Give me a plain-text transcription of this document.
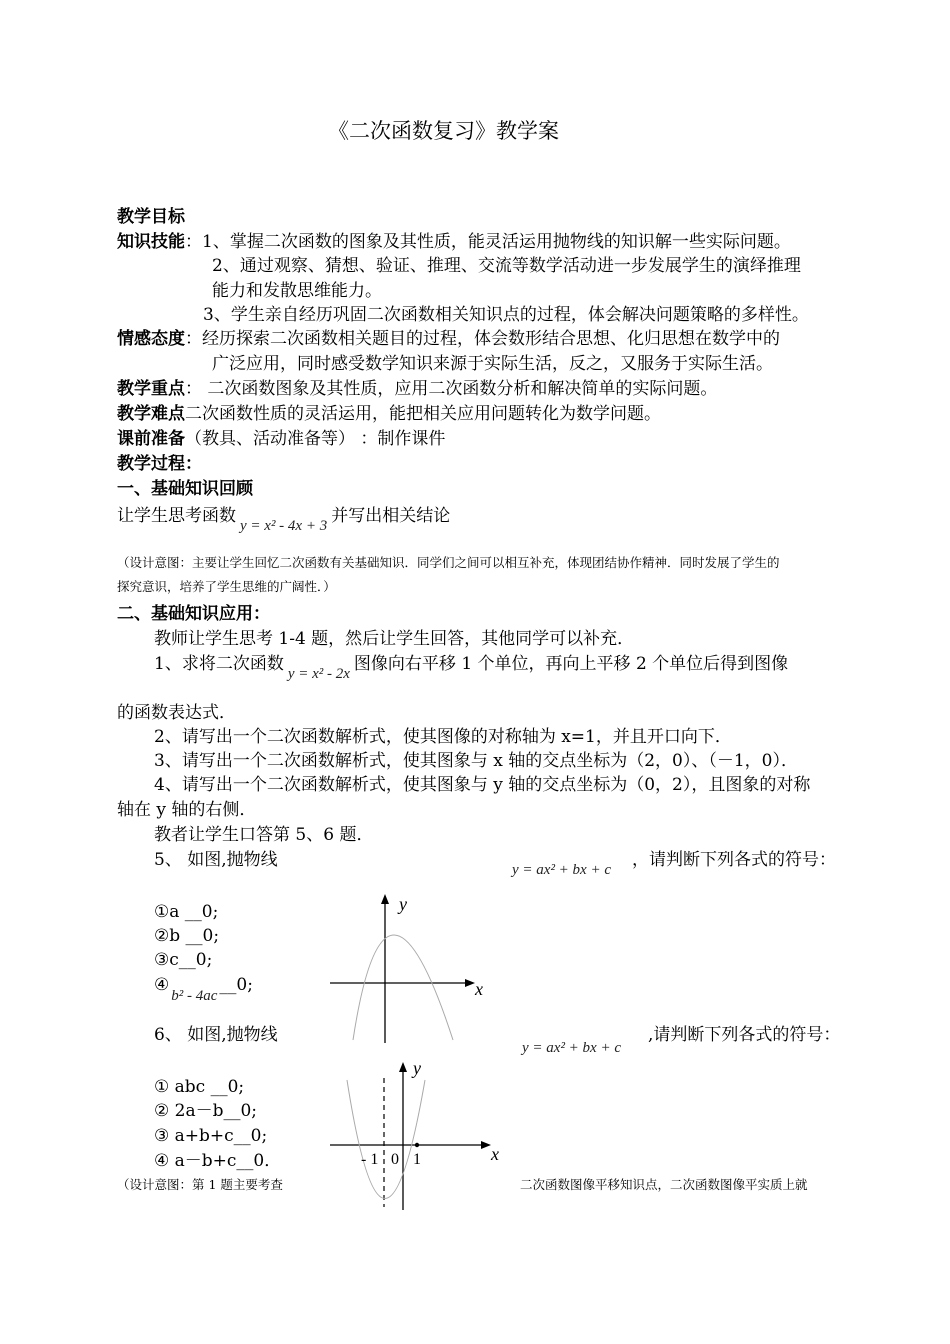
《二次函数复习》教学案
教学目标
知识技能：1、掌握二次函数的图象及其性质，能灵活运用抛物线的知识解一些实际问题。
2、通过观察、猜想、验证、推理、交流等数学活动进一步发展学生的演绎推理
能力和发散思维能力。
3、学生亲自经历巩固二次函数相关知识点的过程，体会解决问题策略的多样性。
情感态度：经历探索二次函数相关题目的过程，体会数形结合思想、化归思想在数学中的
广泛应用，同时感受数学知识来源于实际生活，反之，又服务于实际生活。
教学重点： 二次函数图象及其性质，应用二次函数分析和解决简单的实际问题。
教学难点二次函数性质的灵活运用，能把相关应用问题转化为数学问题。
课前准备（教具、活动准备等） ：制作课件
教学过程：
一、基础知识回顾
让学生思考函数 y = x² - 4x + 3 并写出相关结论
（设计意图：主要让学生回忆二次函数有关基础知识．同学们之间可以相互补充，体现团结协作精神．同时发展了学生的
探究意识，培养了学生思维的广阔性．）
二、基础知识应用：
教师让学生思考 1-4 题，然后让学生回答，其他同学可以补充．
1、求将二次函数 y = x² - 2x 图像向右平移 1 个单位，再向上平移 2 个单位后得到图像
的函数表达式．
2、请写出一个二次函数解析式，使其图像的对称轴为 x=1，并且开口向下．
3、请写出一个二次函数解析式，使其图象与 x 轴的交点坐标为（2，0）、（－1，0）．
4、请写出一个二次函数解析式，使其图象与 y 轴的交点坐标为（0，2），且图象的对称
轴在 y 轴的右侧．
教者让学生口答第 5、6 题．
5、 如图,抛物线	y = ax² + bx + c ，请判断下列各式的符号：
①a __0;
②b __0;
③c__0;
④b² - 4ac__0;
y
x
6、 如图,抛物线
y = ax² + bx + c
,请判断下列各式的符号：
① abc __0;
② 2a－b__0;
③ a+b+c__0;
④ a－b+c__0．
y
x
- 1 0 1
（设计意图：第 1 题主要考查	二次函数图像平移知识点，二次函数图像平实质上就
